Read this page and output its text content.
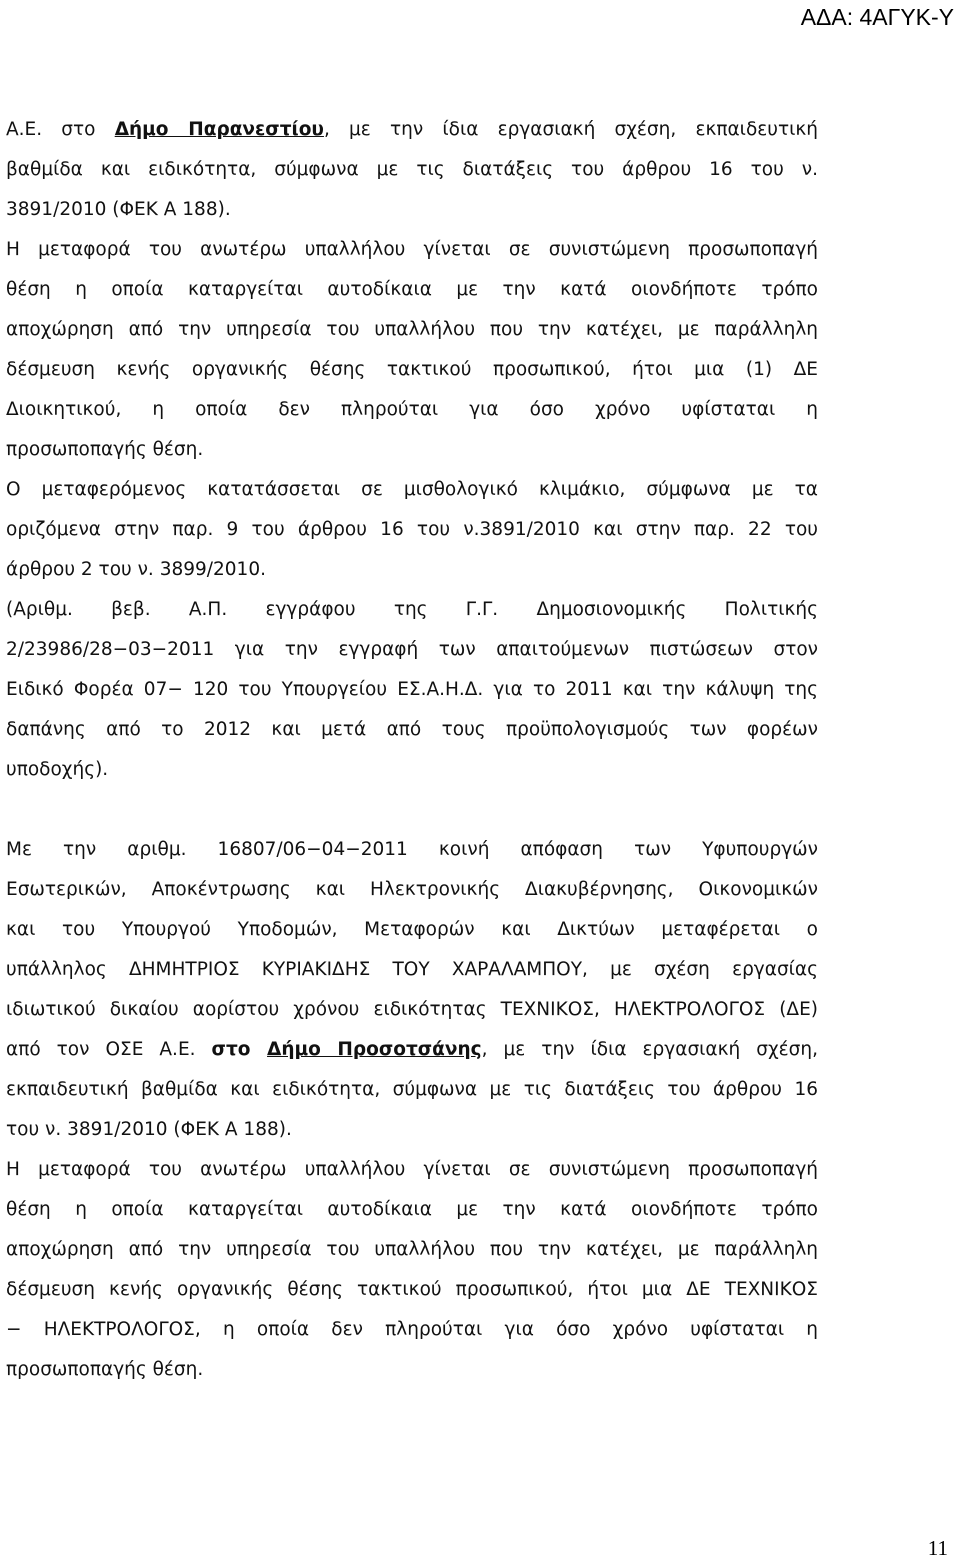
ΑΔΑ: 4ΑΓΥΚ-Υ

Α.Ε. στο Δήμο Παρανεστίου, με την ίδια εργασιακή σχέση, εκπαιδευτική
βαθμίδα και ειδικότητα, σύμφωνα με τις διατάξεις του άρθρου 16 του ν.
3891/2010 (ΦΕΚ Α 188).
Η μεταφορά του ανωτέρω υπαλλήλου γίνεται σε συνιστώμενη προσωποπαγή
θέση η οποία καταργείται αυτοδίκαια με την κατά οιονδήποτε τρόπο
αποχώρηση από την υπηρεσία του υπαλλήλου που την κατέχει, με παράλληλη
δέσμευση κενής οργανικής θέσης τακτικού προσωπικού, ήτοι μια (1) ΔΕ
Διοικητικού, η οποία δεν πληρούται για όσο χρόνο υφίσταται η
προσωποπαγής θέση.
Ο μεταφερόμενος κατατάσσεται σε μισθολογικό κλιμάκιο, σύμφωνα με τα
οριζόμενα στην παρ. 9 του άρθρου 16 του ν.3891/2010 και στην παρ. 22 του
άρθρου 2 του ν. 3899/2010.
(Αριθμ. βεβ. Α.Π. εγγράφου της Γ.Γ. Δημοσιονομικής Πολιτικής
2/23986/28−03−2011 για την εγγραφή των απαιτούμενων πιστώσεων στον
Ειδικό Φορέα 07− 120 του Υπουργείου ΕΣ.Α.Η.Δ. για το 2011 και την κάλυψη της
δαπάνης από το 2012 και μετά από τους προϋπολογισμούς των φορέων
υποδοχής).
Με την αριθμ. 16807/06−04−2011 κοινή απόφαση των Υφυπουργών
Εσωτερικών, Αποκέντρωσης και Ηλεκτρονικής Διακυβέρνησης, Οικονομικών
και του Υπουργού Υποδομών, Μεταφορών και Δικτύων μεταφέρεται ο
υπάλληλος ΔΗΜΗΤΡΙΟΣ ΚΥΡΙΑΚΙΔΗΣ ΤΟΥ ΧΑΡΑΛΑΜΠΟΥ, με σχέση εργασίας
ιδιωτικού δικαίου αορίστου χρόνου ειδικότητας ΤΕΧΝΙΚΟΣ, ΗΛΕΚΤΡΟΛΟΓΟΣ (ΔΕ)
από τον ΟΣΕ Α.Ε. στο Δήμο Προσοτσάνης, με την ίδια εργασιακή σχέση,
εκπαιδευτική βαθμίδα και ειδικότητα, σύμφωνα με τις διατάξεις του άρθρου 16
του ν. 3891/2010 (ΦΕΚ Α 188).
Η μεταφορά του ανωτέρω υπαλλήλου γίνεται σε συνιστώμενη προσωποπαγή
θέση η οποία καταργείται αυτοδίκαια με την κατά οιονδήποτε τρόπο
αποχώρηση από την υπηρεσία του υπαλλήλου που την κατέχει, με παράλληλη
δέσμευση κενής οργανικής θέσης τακτικού προσωπικού, ήτοι μια ΔΕ ΤΕΧΝΙΚΟΣ
− ΗΛΕΚΤΡΟΛΟΓΟΣ, η οποία δεν πληρούται για όσο χρόνο υφίσταται η
προσωποπαγής θέση.

11
